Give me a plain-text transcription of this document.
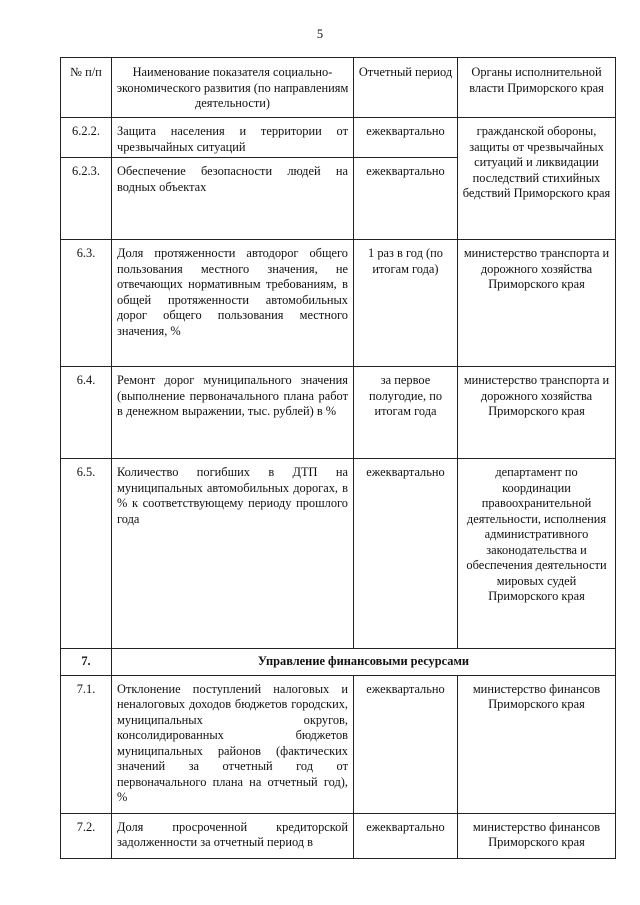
5
№ п/п	Наименование показателя социально-экономического развития (по направлениям деятельности)	Отчетный период	Органы исполнительной власти Приморского края
6.2.2.	Защита населения и территории от чрезвычайных ситуаций	ежеквартально	гражданской обороны, защиты от чрезвычайных ситуаций и ликвидации последствий стихийных бедствий Приморского края
6.2.3.	Обеспечение безопасности людей на водных объектах	ежеквартально	
6.3.	Доля протяженности автодорог общего пользования местного значения, не отвечающих нормативным требованиям, в общей протяженности автомобильных дорог общего пользования местного значения, %	1 раз в год (по итогам года)	министерство транспорта и дорожного хозяйства Приморского края
6.4.	Ремонт дорог муниципального значения (выполнение первоначального плана работ в денежном выражении, тыс. рублей) в %	за первое полугодие, по итогам года	министерство транспорта и дорожного хозяйства Приморского края
6.5.	Количество погибших в ДТП на муниципальных автомобильных дорогах, в % к соответствующему периоду прошлого года	ежеквартально	департамент по координации правоохранительной деятельности, исполнения административного законодательства и обеспечения деятельности мировых судей Приморского края
7.	Управление финансовыми ресурсами		
7.1.	Отклонение поступлений налоговых и неналоговых доходов бюджетов городских, муниципальных округов, консолидированных бюджетов муниципальных районов (фактических значений за отчетный год от первоначального плана на отчетный год), %	ежеквартально	министерство финансов Приморского края
7.2.	Доля просроченной кредиторской задолженности за отчетный период в	ежеквартально	министерство финансов Приморского края
